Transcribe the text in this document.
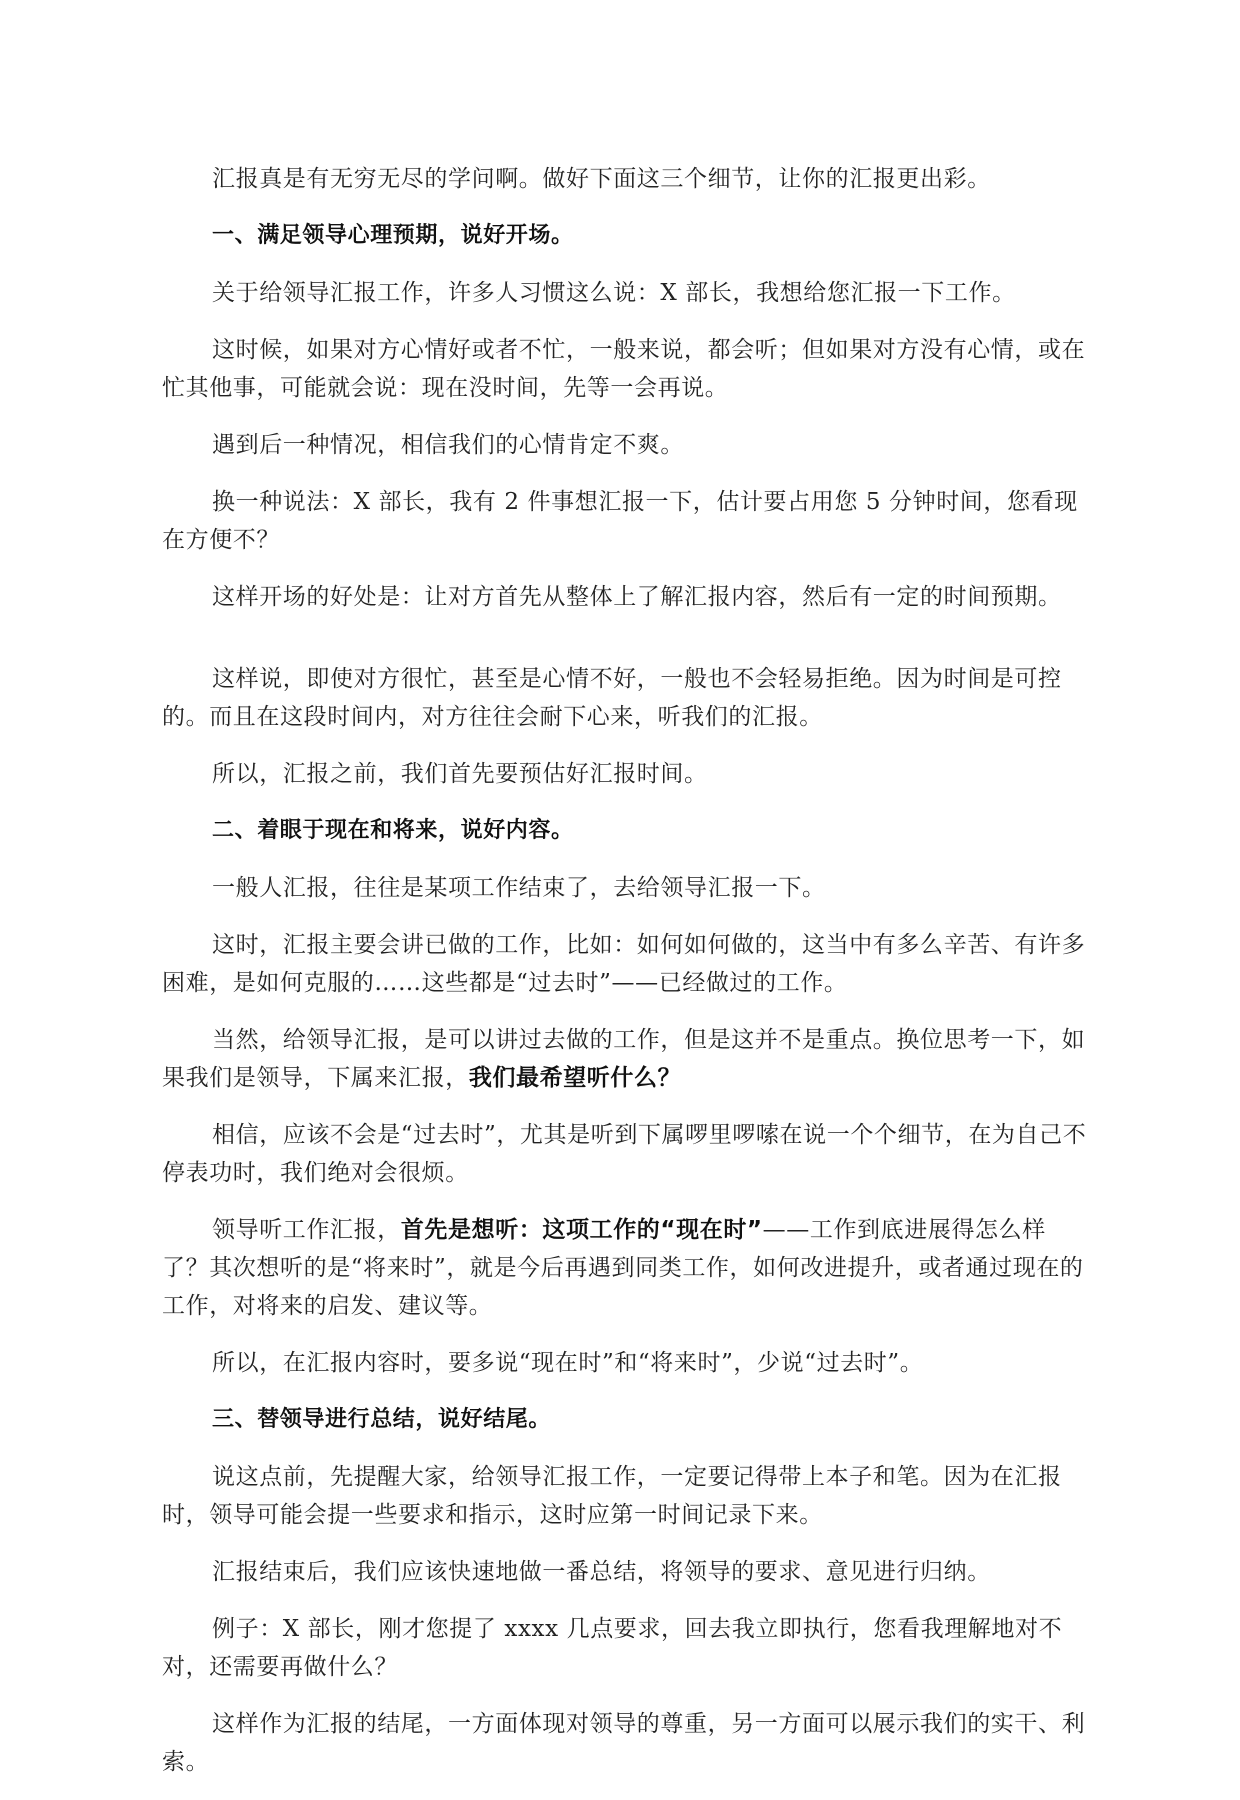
汇报真是有无穷无尽的学问啊。做好下面这三个细节，让你的汇报更出彩。

一、满足领导心理预期，说好开场。

关于给领导汇报工作，许多人习惯这么说：X 部长，我想给您汇报一下工作。

这时候，如果对方心情好或者不忙，一般来说，都会听；但如果对方没有心情，或在忙其他事，可能就会说：现在没时间，先等一会再说。

遇到后一种情况，相信我们的心情肯定不爽。

换一种说法：X 部长，我有 2 件事想汇报一下，估计要占用您 5 分钟时间，您看现在方便不？

这样开场的好处是：让对方首先从整体上了解汇报内容，然后有一定的时间预期。

这样说，即使对方很忙，甚至是心情不好，一般也不会轻易拒绝。因为时间是可控的。而且在这段时间内，对方往往会耐下心来，听我们的汇报。

所以，汇报之前，我们首先要预估好汇报时间。

二、着眼于现在和将来，说好内容。

一般人汇报，往往是某项工作结束了，去给领导汇报一下。

这时，汇报主要会讲已做的工作，比如：如何如何做的，这当中有多么辛苦、有许多困难，是如何克服的……这些都是“过去时”——已经做过的工作。

当然，给领导汇报，是可以讲过去做的工作，但是这并不是重点。换位思考一下，如果我们是领导，下属来汇报，我们最希望听什么？

相信，应该不会是“过去时”，尤其是听到下属啰里啰嗦在说一个个细节，在为自己不停表功时，我们绝对会很烦。

领导听工作汇报，首先是想听：这项工作的“现在时”——工作到底进展得怎么样了？其次想听的是“将来时”，就是今后再遇到同类工作，如何改进提升，或者通过现在的工作，对将来的启发、建议等。

所以，在汇报内容时，要多说“现在时”和“将来时”，少说“过去时”。

三、替领导进行总结，说好结尾。

说这点前，先提醒大家，给领导汇报工作，一定要记得带上本子和笔。因为在汇报时，领导可能会提一些要求和指示，这时应第一时间记录下来。

汇报结束后，我们应该快速地做一番总结，将领导的要求、意见进行归纳。

例子：X 部长，刚才您提了 xxxx 几点要求，回去我立即执行，您看我理解地对不对，还需要再做什么？

这样作为汇报的结尾，一方面体现对领导的尊重，另一方面可以展示我们的实干、利索。
